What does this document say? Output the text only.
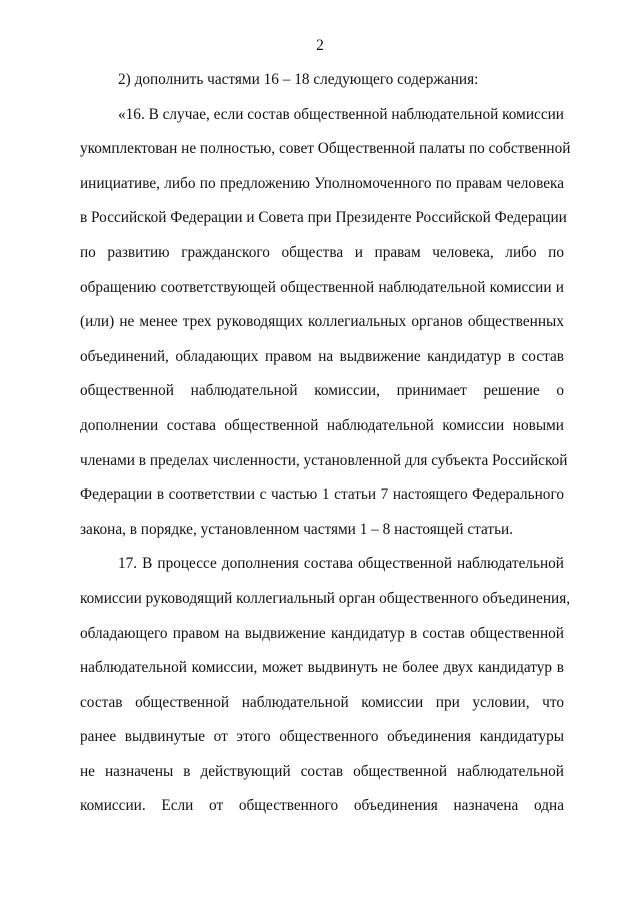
2
2) дополнить частями 16 – 18 следующего содержания:
«16. В случае, если состав общественной наблюдательной комиссии
укомплектован не полностью, совет Общественной палаты по собственной
инициативе, либо по предложению Уполномоченного по правам человека
в Российской Федерации и Совета при Президенте Российской Федерации
по развитию гражданского общества и правам человека, либо по
обращению соответствующей общественной наблюдательной комиссии и
(или) не менее трех руководящих коллегиальных органов общественных
объединений, обладающих правом на выдвижение кандидатур в состав
общественной наблюдательной комиссии, принимает решение о
дополнении состава общественной наблюдательной комиссии новыми
членами в пределах численности, установленной для субъекта Российской
Федерации в соответствии с частью 1 статьи 7 настоящего Федерального
закона, в порядке, установленном частями 1 – 8 настоящей статьи.
17. В процессе дополнения состава общественной наблюдательной
комиссии руководящий коллегиальный орган общественного объединения,
обладающего правом на выдвижение кандидатур в состав общественной
наблюдательной комиссии, может выдвинуть не более двух кандидатур в
состав общественной наблюдательной комиссии при условии, что
ранее выдвинутые от этого общественного объединения кандидатуры
не назначены в действующий состав общественной наблюдательной
комиссии. Если от общественного объединения назначена одна
